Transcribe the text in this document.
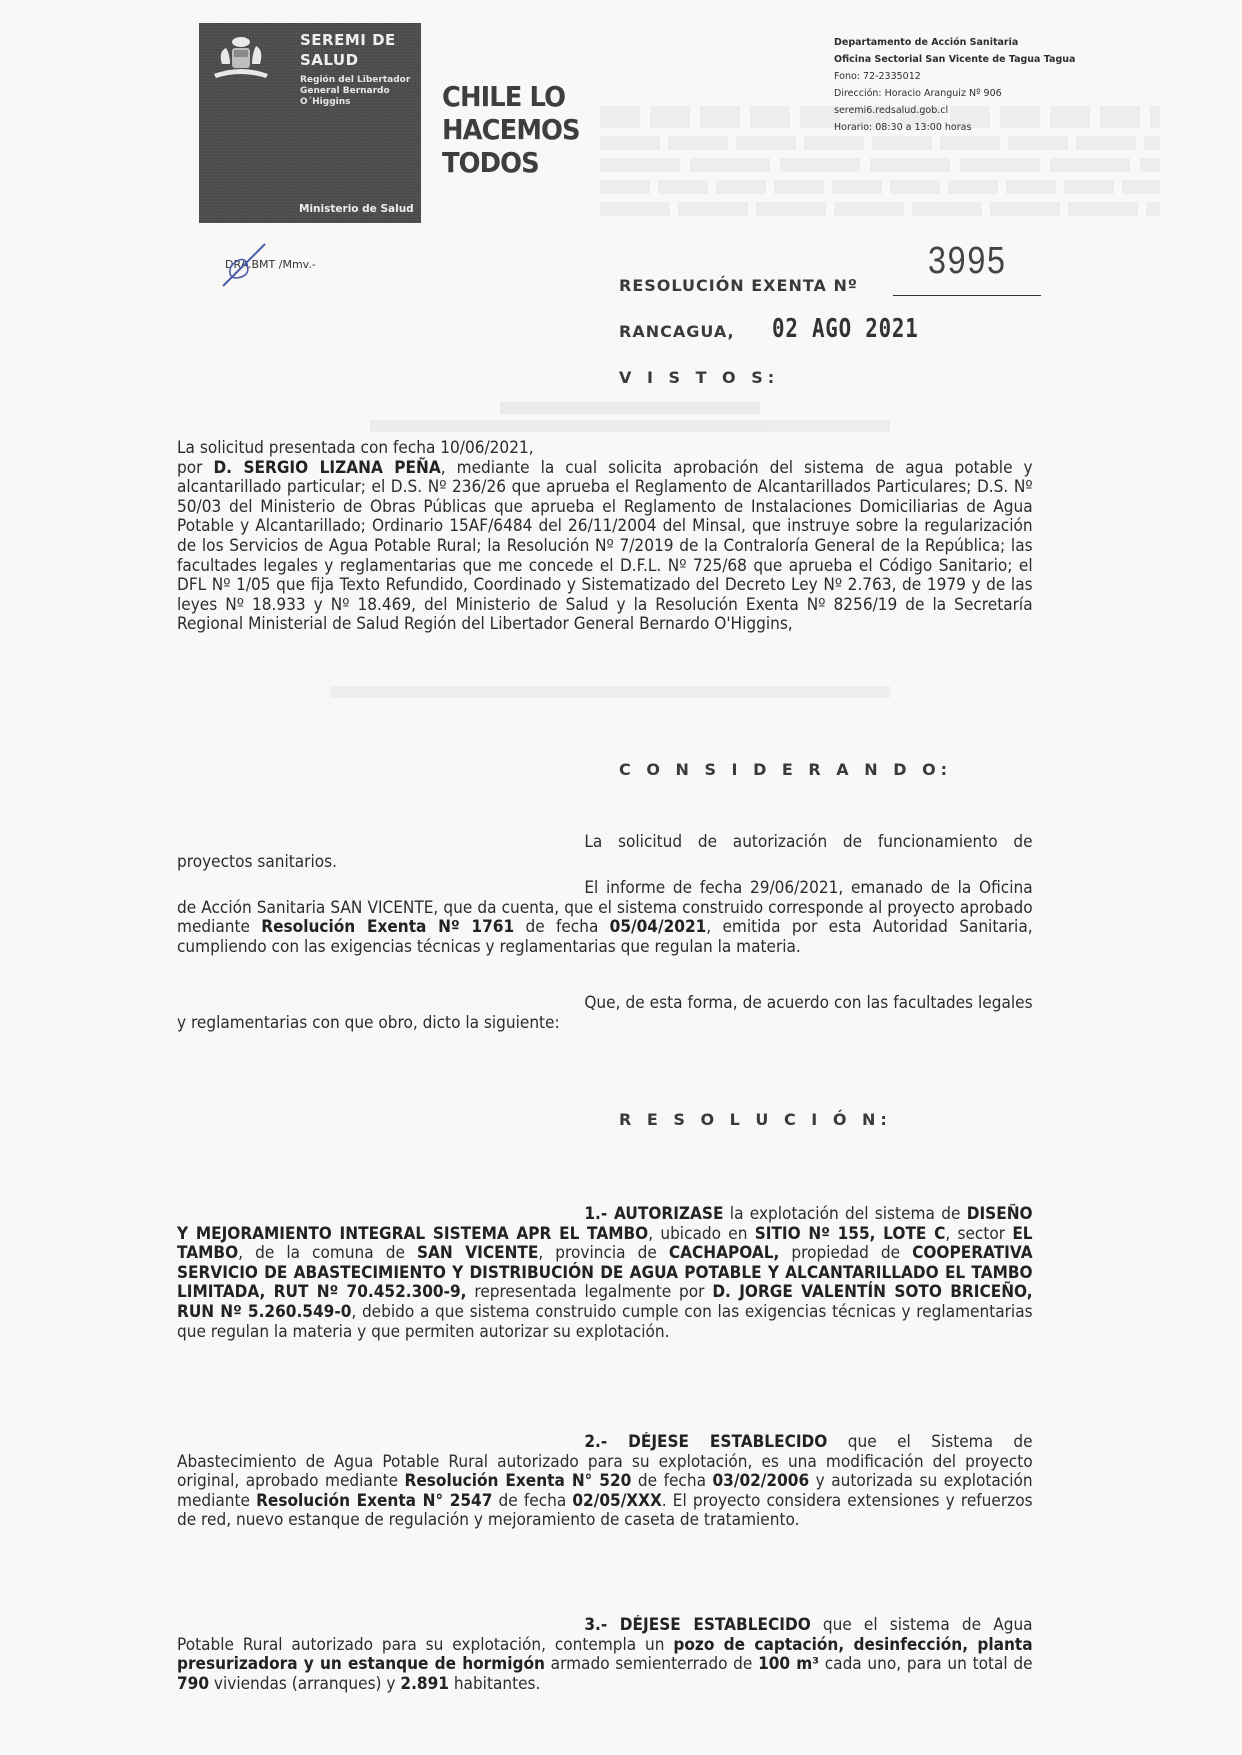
SEREMI DE
SALUD
Región del Libertador
General Bernardo
O´Higgins
Ministerio de Salud
CHILE LO
HACEMOS
TODOS
Departamento de Acción Sanitaria
Oficina Sectorial San Vicente de Tagua Tagua
Fono: 72-2335012
Dirección: Horacio Aranguiz Nº 906
seremi6.redsalud.gob.cl
Horario: 08:30 a 13:00 horas
DRA.BMT /Mmv.-
RESOLUCIÓN EXENTA Nº
3995
RANCAGUA, 02 AGO 2021
V I S T O S:
La solicitud presentada con fecha 10/06/2021,
por D. SERGIO LIZANA PEÑA, mediante la cual solicita aprobación del sistema de agua potable y alcantarillado particular; el D.S. Nº 236/26 que aprueba el Reglamento de Alcantarillados Particulares; D.S. Nº 50/03 del Ministerio de Obras Públicas que aprueba el Reglamento de Instalaciones Domiciliarias de Agua Potable y Alcantarillado; Ordinario 15AF/6484 del 26/11/2004 del Minsal, que instruye sobre la regularización de los Servicios de Agua Potable Rural; la Resolución Nº 7/2019 de la Contraloría General de la República; las facultades legales y reglamentarias que me concede el D.F.L. Nº 725/68 que aprueba el Código Sanitario; el DFL Nº 1/05 que fija Texto Refundido, Coordinado y Sistematizado del Decreto Ley Nº 2.763, de 1979 y de las leyes Nº 18.933 y Nº 18.469, del Ministerio de Salud y la Resolución Exenta Nº 8256/19 de la Secretaría Regional Ministerial de Salud Región del Libertador General Bernardo O'Higgins,
C O N S I D E R A N D O:
La solicitud de autorización de funcionamiento de proyectos sanitarios.
El informe de fecha 29/06/2021, emanado de la Oficina de Acción Sanitaria SAN VICENTE, que da cuenta, que el sistema construido corresponde al proyecto aprobado mediante Resolución Exenta Nº 1761 de fecha 05/04/2021, emitida por esta Autoridad Sanitaria, cumpliendo con las exigencias técnicas y reglamentarias que regulan la materia.
Que, de esta forma, de acuerdo con las facultades legales y reglamentarias con que obro, dicto la siguiente:
R E S O L U C I Ó N:
1.- AUTORIZASE la explotación del sistema de DISEÑO Y MEJORAMIENTO INTEGRAL SISTEMA APR EL TAMBO, ubicado en SITIO Nº 155, LOTE C, sector EL TAMBO, de la comuna de SAN VICENTE, provincia de CACHAPOAL, propiedad de COOPERATIVA SERVICIO DE ABASTECIMIENTO Y DISTRIBUCIÓN DE AGUA POTABLE Y ALCANTARILLADO EL TAMBO LIMITADA, RUT Nº 70.452.300-9, representada legalmente por D. JORGE VALENTÍN SOTO BRICEÑO, RUN Nº 5.260.549-0, debido a que sistema construido cumple con las exigencias técnicas y reglamentarias que regulan la materia y que permiten autorizar su explotación.
2.- DÉJESE ESTABLECIDO que el Sistema de Abastecimiento de Agua Potable Rural autorizado para su explotación, es una modificación del proyecto original, aprobado mediante Resolución Exenta N° 520 de fecha 03/02/2006 y autorizada su explotación mediante Resolución Exenta N° 2547 de fecha 02/05/XXX. El proyecto considera extensiones y refuerzos de red, nuevo estanque de regulación y mejoramiento de caseta de tratamiento.
3.- DÉJESE ESTABLECIDO que el sistema de Agua Potable Rural autorizado para su explotación, contempla un pozo de captación, desinfección, planta presurizadora y un estanque de hormigón armado semienterrado de 100 m³ cada uno, para un total de 790 viviendas (arranques) y 2.891 habitantes.
